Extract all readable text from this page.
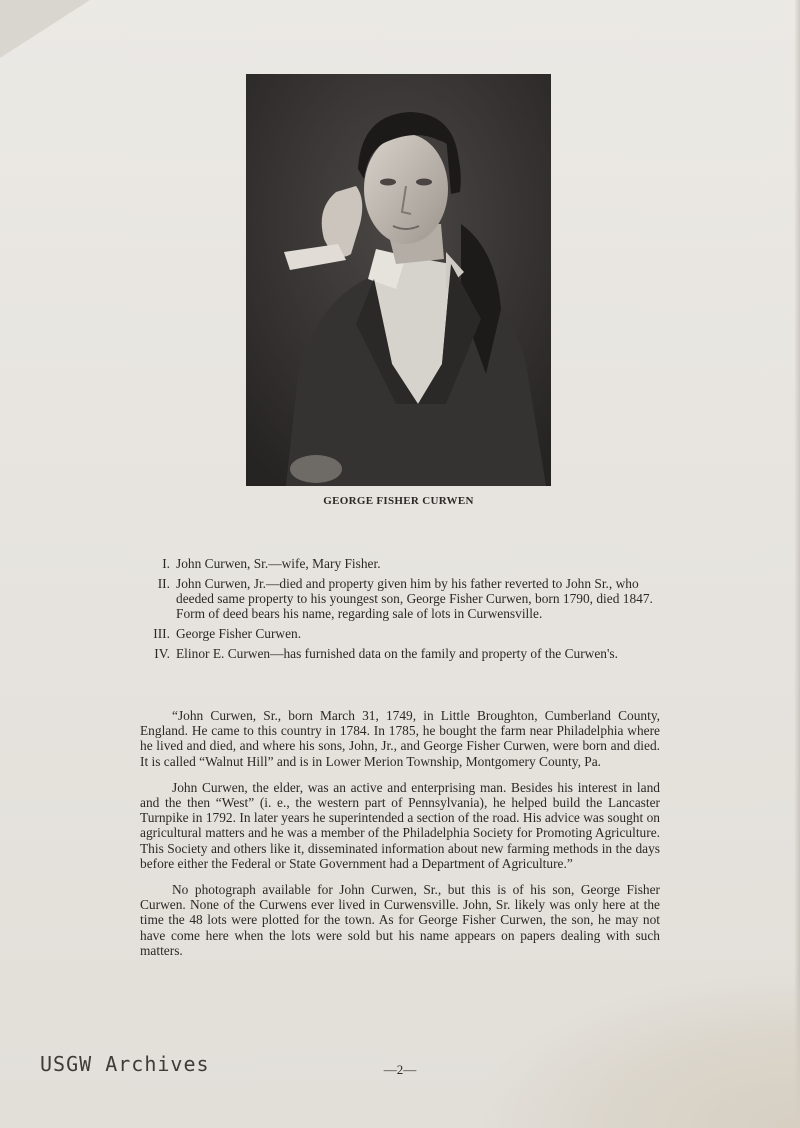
GEORGE FISHER CURWEN
I. John Curwen, Sr.—wife, Mary Fisher.
II. John Curwen, Jr.—died and property given him by his father reverted to John Sr., who deeded same property to his youngest son, George Fisher Curwen, born 1790, died 1847. Form of deed bears his name, regarding sale of lots in Curwensville.
III. George Fisher Curwen.
IV. Elinor E. Curwen—has furnished data on the family and property of the Curwen's.

“John Curwen, Sr., born March 31, 1749, in Little Broughton, Cumberland County, England. He came to this country in 1784. In 1785, he bought the farm near Philadelphia where he lived and died, and where his sons, John, Jr., and George Fisher Curwen, were born and died. It is called “Walnut Hill” and is in Lower Merion Township, Montgomery County, Pa.

John Curwen, the elder, was an active and enterprising man. Besides his interest in land and the then “West” (i. e., the western part of Pennsylvania), he helped build the Lancaster Turnpike in 1792. In later years he superintended a section of the road. His advice was sought on agricultural matters and he was a member of the Philadelphia Society for Promoting Agriculture. This Society and others like it, disseminated information about new farming methods in the days before either the Federal or State Government had a Department of Agriculture.”

No photograph available for John Curwen, Sr., but this is of his son, George Fisher Curwen. None of the Curwens ever lived in Curwensville. John, Sr. likely was only here at the time the 48 lots were plotted for the town. As for George Fisher Curwen, the son, he may not have come here when the lots were sold but his name appears on papers dealing with such matters.

USGW Archives	—2—
